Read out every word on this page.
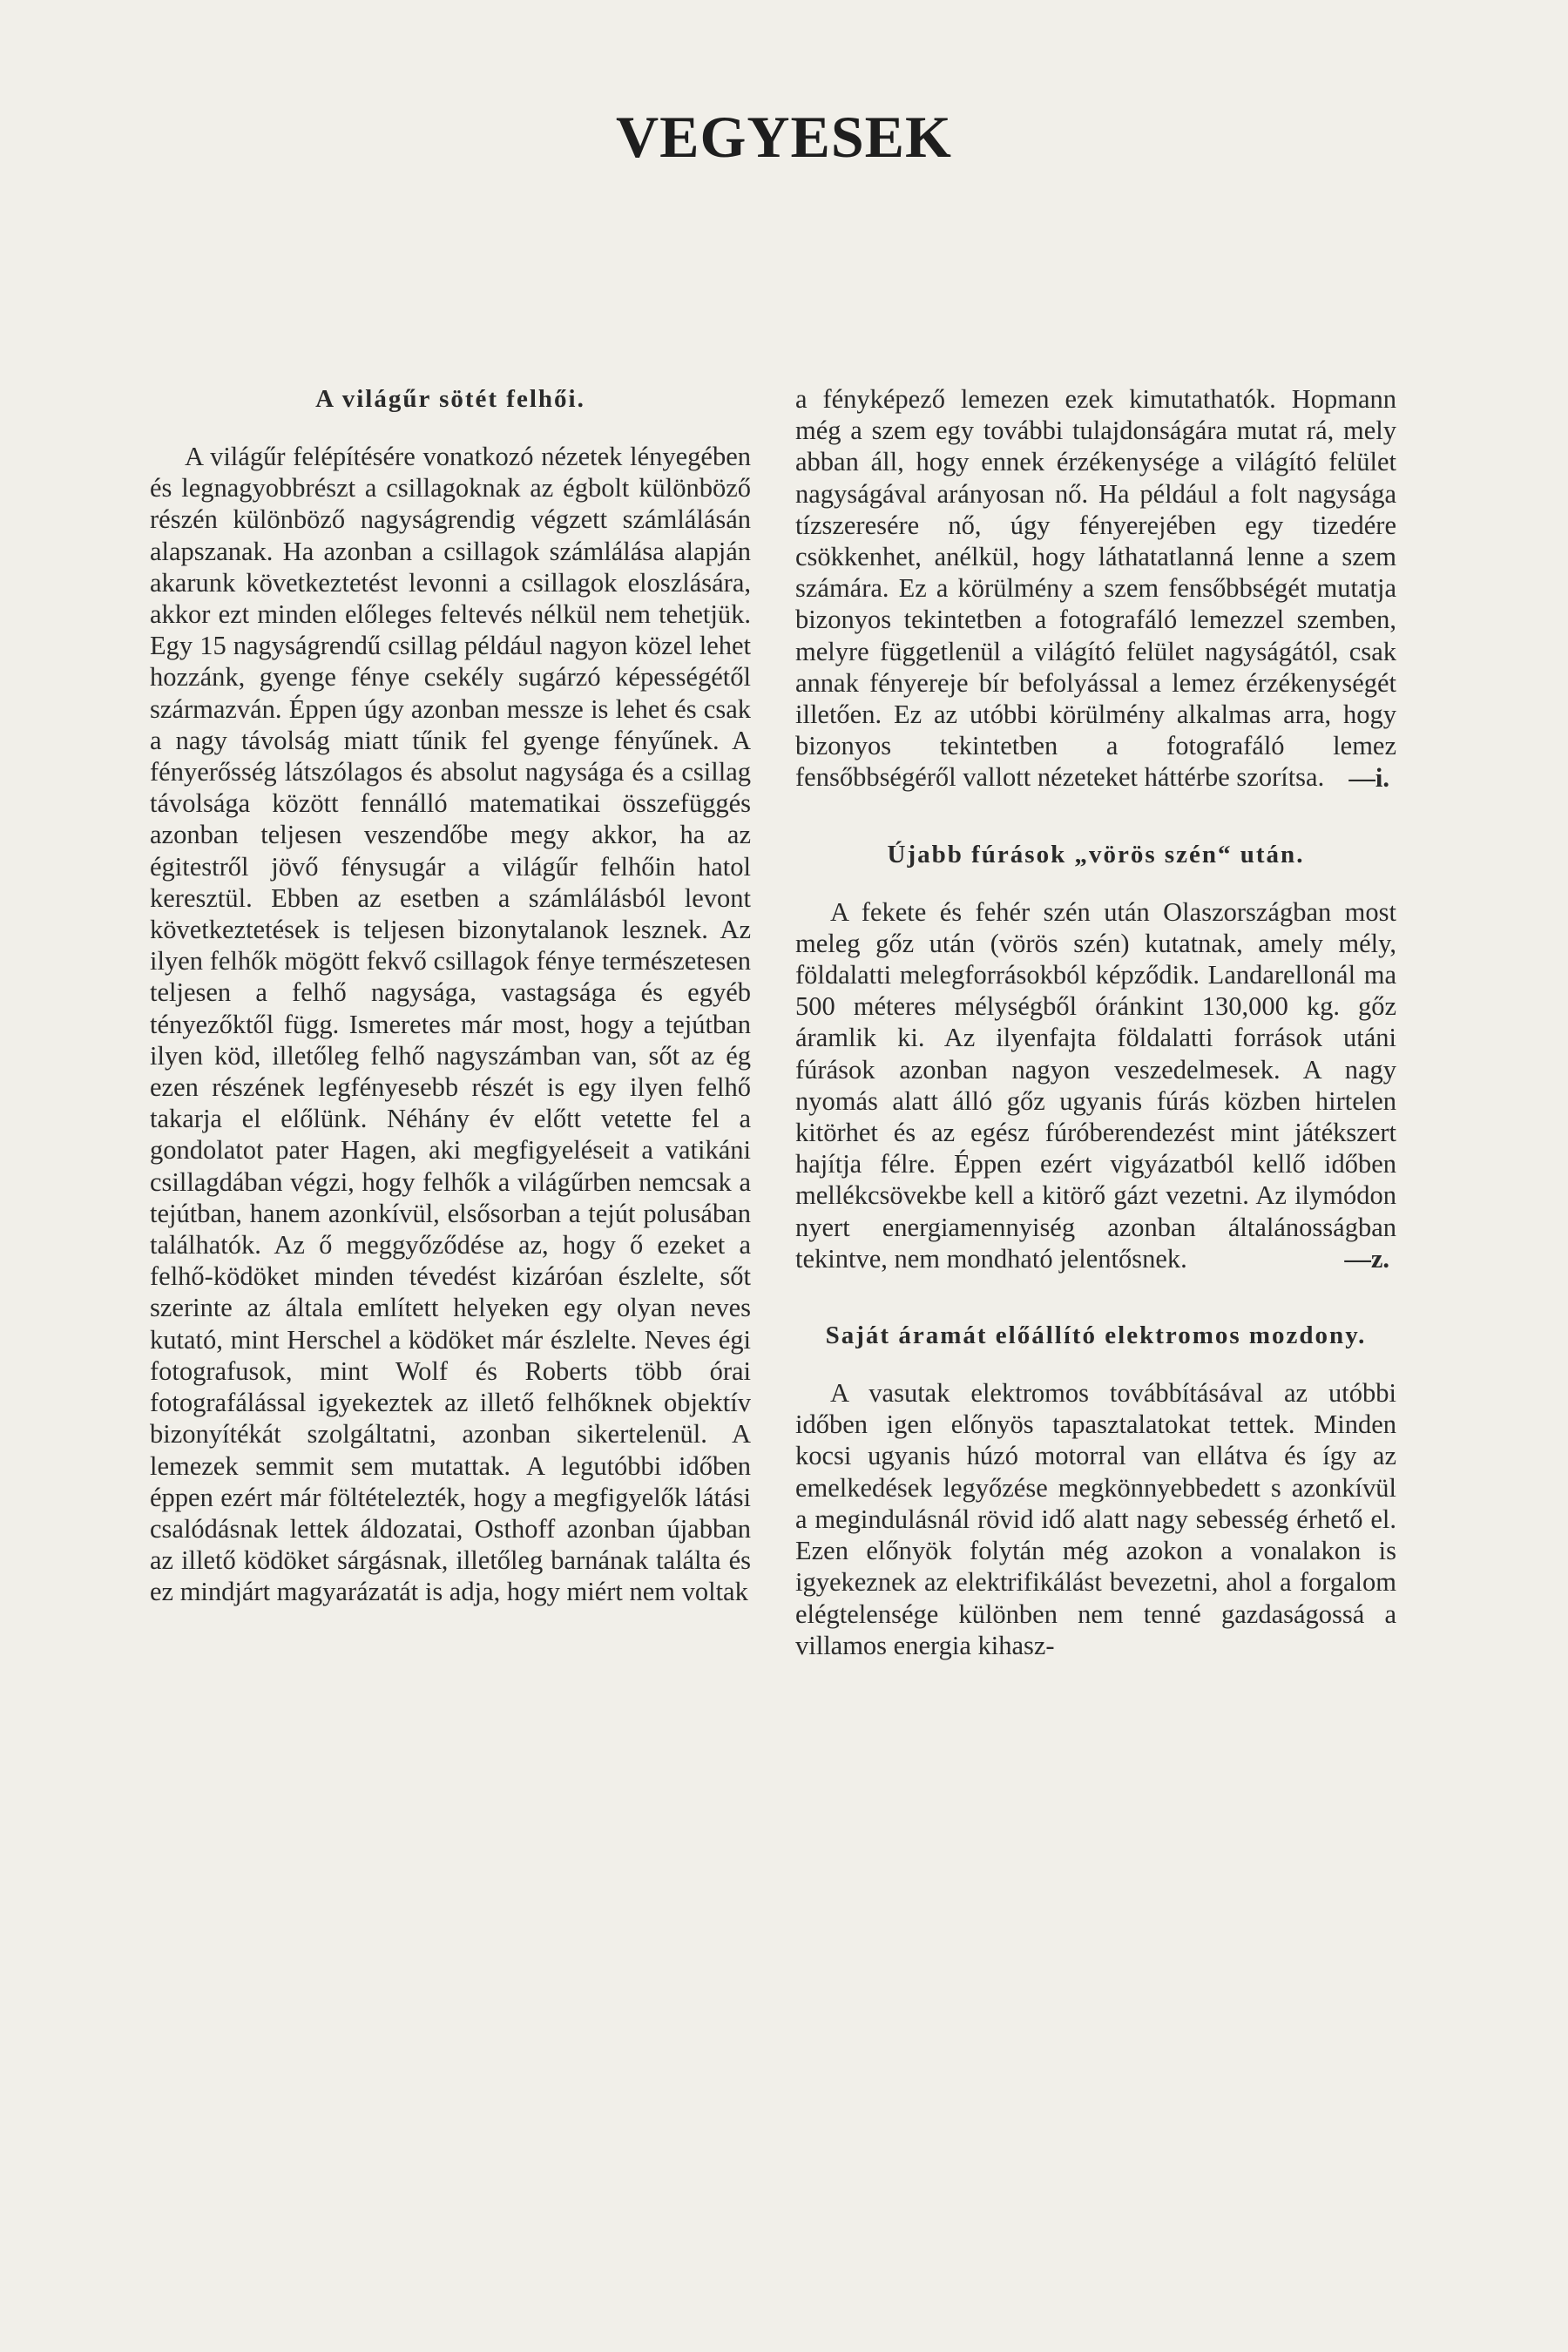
VEGYESEK
A világűr sötét felhői.

A világűr felépítésére vonatkozó nézetek lényegében és legnagyobbrészt a csillagoknak az égbolt különböző részén különböző nagyságrendig végzett számlálásán alapszanak. Ha azonban a csillagok számlálása alapján akarunk következtetést levonni a csillagok eloszlására, akkor ezt minden előleges feltevés nélkül nem tehetjük. Egy 15 nagyságrendű csillag például nagyon közel lehet hozzánk, gyenge fénye csekély sugárzó képességétől származván. Éppen úgy azonban messze is lehet és csak a nagy távolság miatt tűnik fel gyenge fényűnek. A fényerősség látszólagos és absolut nagysága és a csillag távolsága között fennálló matematikai összefüggés azonban teljesen veszendőbe megy akkor, ha az égitestről jövő fénysugár a világűr felhőin hatol keresztül. Ebben az esetben a számlálásból levont következtetések is teljesen bizonytalanok lesznek. Az ilyen felhők mögött fekvő csillagok fénye természetesen teljesen a felhő nagysága, vastagsága és egyéb tényezőktől függ. Ismeretes már most, hogy a tejútban ilyen köd, illetőleg felhő nagyszámban van, sőt az ég ezen részének legfényesebb részét is egy ilyen felhő takarja el előlünk. Néhány év előtt vetette fel a gondolatot pater Hagen, aki megfigyeléseit a vatikáni csillagdában végzi, hogy felhők a világűrben nemcsak a tejútban, hanem azonkívül, elsősorban a tejút polusában találhatók. Az ő meggyőződése az, hogy ő ezeket a felhő-ködöket minden tévedést kizáróan észlelte, sőt szerinte az általa említett helyeken egy olyan neves kutató, mint Herschel a ködöket már észlelte. Neves égi fotografusok, mint Wolf és Roberts több órai fotografálással igyekeztek az illető felhőknek objektív bizonyítékát szolgáltatni, azonban sikertelenül. A lemezek semmit sem mutattak. A legutóbbi időben éppen ezért már föltételezték, hogy a megfigyelők látási csalódásnak lettek áldozatai, Osthoff azonban újabban az illető ködöket sárgásnak, illetőleg barnának találta és ez mindjárt magyarázatát is adja, hogy miért nem voltak

a fényképező lemezen ezek kimutathatók. Hopmann még a szem egy további tulajdonságára mutat rá, mely abban áll, hogy ennek érzékenysége a világító felület nagyságával arányosan nő. Ha például a folt nagysága tízszeresére nő, úgy fényerejében egy tizedére csökkenhet, anélkül, hogy láthatatlanná lenne a szem számára. Ez a körülmény a szem fensőbbségét mutatja bizonyos tekintetben a fotografáló lemezzel szemben, melyre függetlenül a világító felület nagyságától, csak annak fényereje bír befolyással a lemez érzékenységét illetően. Ez az utóbbi körülmény alkalmas arra, hogy bizonyos tekintetben a fotografáló lemez fensőbbségéről vallott nézeteket háttérbe szorítsa. —i.
Újabb fúrások „vörös szén“ után.

A fekete és fehér szén után Olaszországban most meleg gőz után (vörös szén) kutatnak, amely mély, földalatti melegforrásokból képződik. Landarellonál ma 500 méteres mélységből óránkint 130,000 kg. gőz áramlik ki. Az ilyenfajta földalatti források utáni fúrások azonban nagyon veszedelmesek. A nagy nyomás alatt álló gőz ugyanis fúrás közben hirtelen kitörhet és az egész fúróberendezést mint játékszert hajítja félre. Éppen ezért vigyázatból kellő időben mellékcsövekbe kell a kitörő gázt vezetni. Az ilymódon nyert energiamennyiség azonban általánosságban tekintve, nem mondható jelentősnek.	—z.
Saját áramát előállító elektromos mozdony.

A vasutak elektromos továbbításával az utóbbi időben igen előnyös tapasztalatokat tettek. Minden kocsi ugyanis húzó motorral van ellátva és így az emelkedések legyőzése megkönnyebbedett s azonkívül a megindulásnál rövid idő alatt nagy sebesség érhető el. Ezen előnyök folytán még azokon a vonalakon is igyekeznek az elektrifikálást bevezetni, ahol a forgalom elégtelensége különben nem tenné gazdaságossá a villamos energia kihasz-
